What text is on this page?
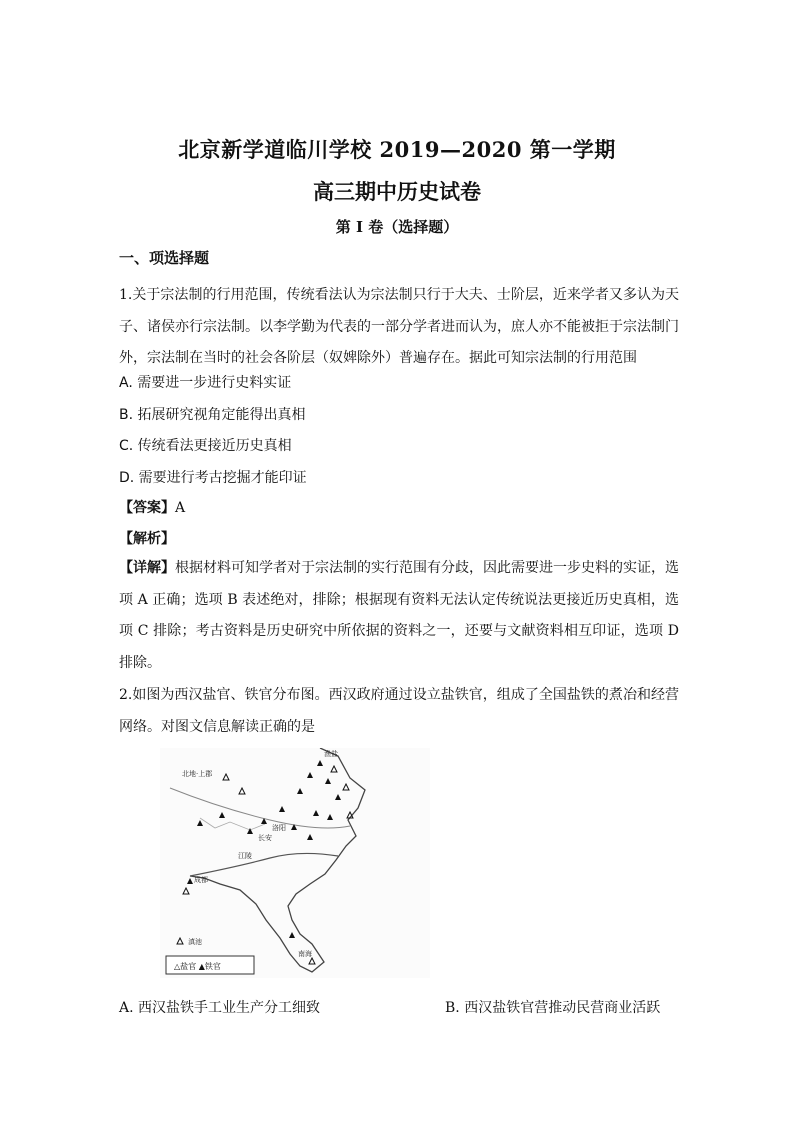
北京新学道临川学校 2019—2020 第一学期
高三期中历史试卷
第 I 卷（选择题）
一、项选择题
1.关于宗法制的行用范围，传统看法认为宗法制只行于大夫、士阶层，近来学者又多认为天子、诸侯亦行宗法制。以李学勤为代表的一部分学者进而认为，庶人亦不能被拒于宗法制门外，宗法制在当时的社会各阶层（奴婢除外）普遍存在。据此可知宗法制的行用范围
A. 需要进一步进行史料实证
B. 拓展研究视角定能得出真相
C. 传统看法更接近历史真相
D. 需要进行考古挖掘才能印证
【答案】A
【解析】
【详解】根据材料可知学者对于宗法制的实行范围有分歧，因此需要进一步史料的实证，选项 A 正确；选项 B 表述绝对，排除；根据现有资料无法认定传统说法更接近历史真相，选项 C 排除；考古资料是历史研究中所依据的资料之一，还要与文献资料相互印证，选项 D 排除。
2.如图为西汉盐官、铁官分布图。西汉政府通过设立盐铁官，组成了全国盐铁的煮冶和经营网络。对图文信息解读正确的是
渔盐
北地·上郡
长安
洛阳
江陵
成都
滇池
南海
△盐官 ▲铁官
A. 西汉盐铁手工业生产分工细致	B. 西汉盐铁官营推动民营商业活跃
